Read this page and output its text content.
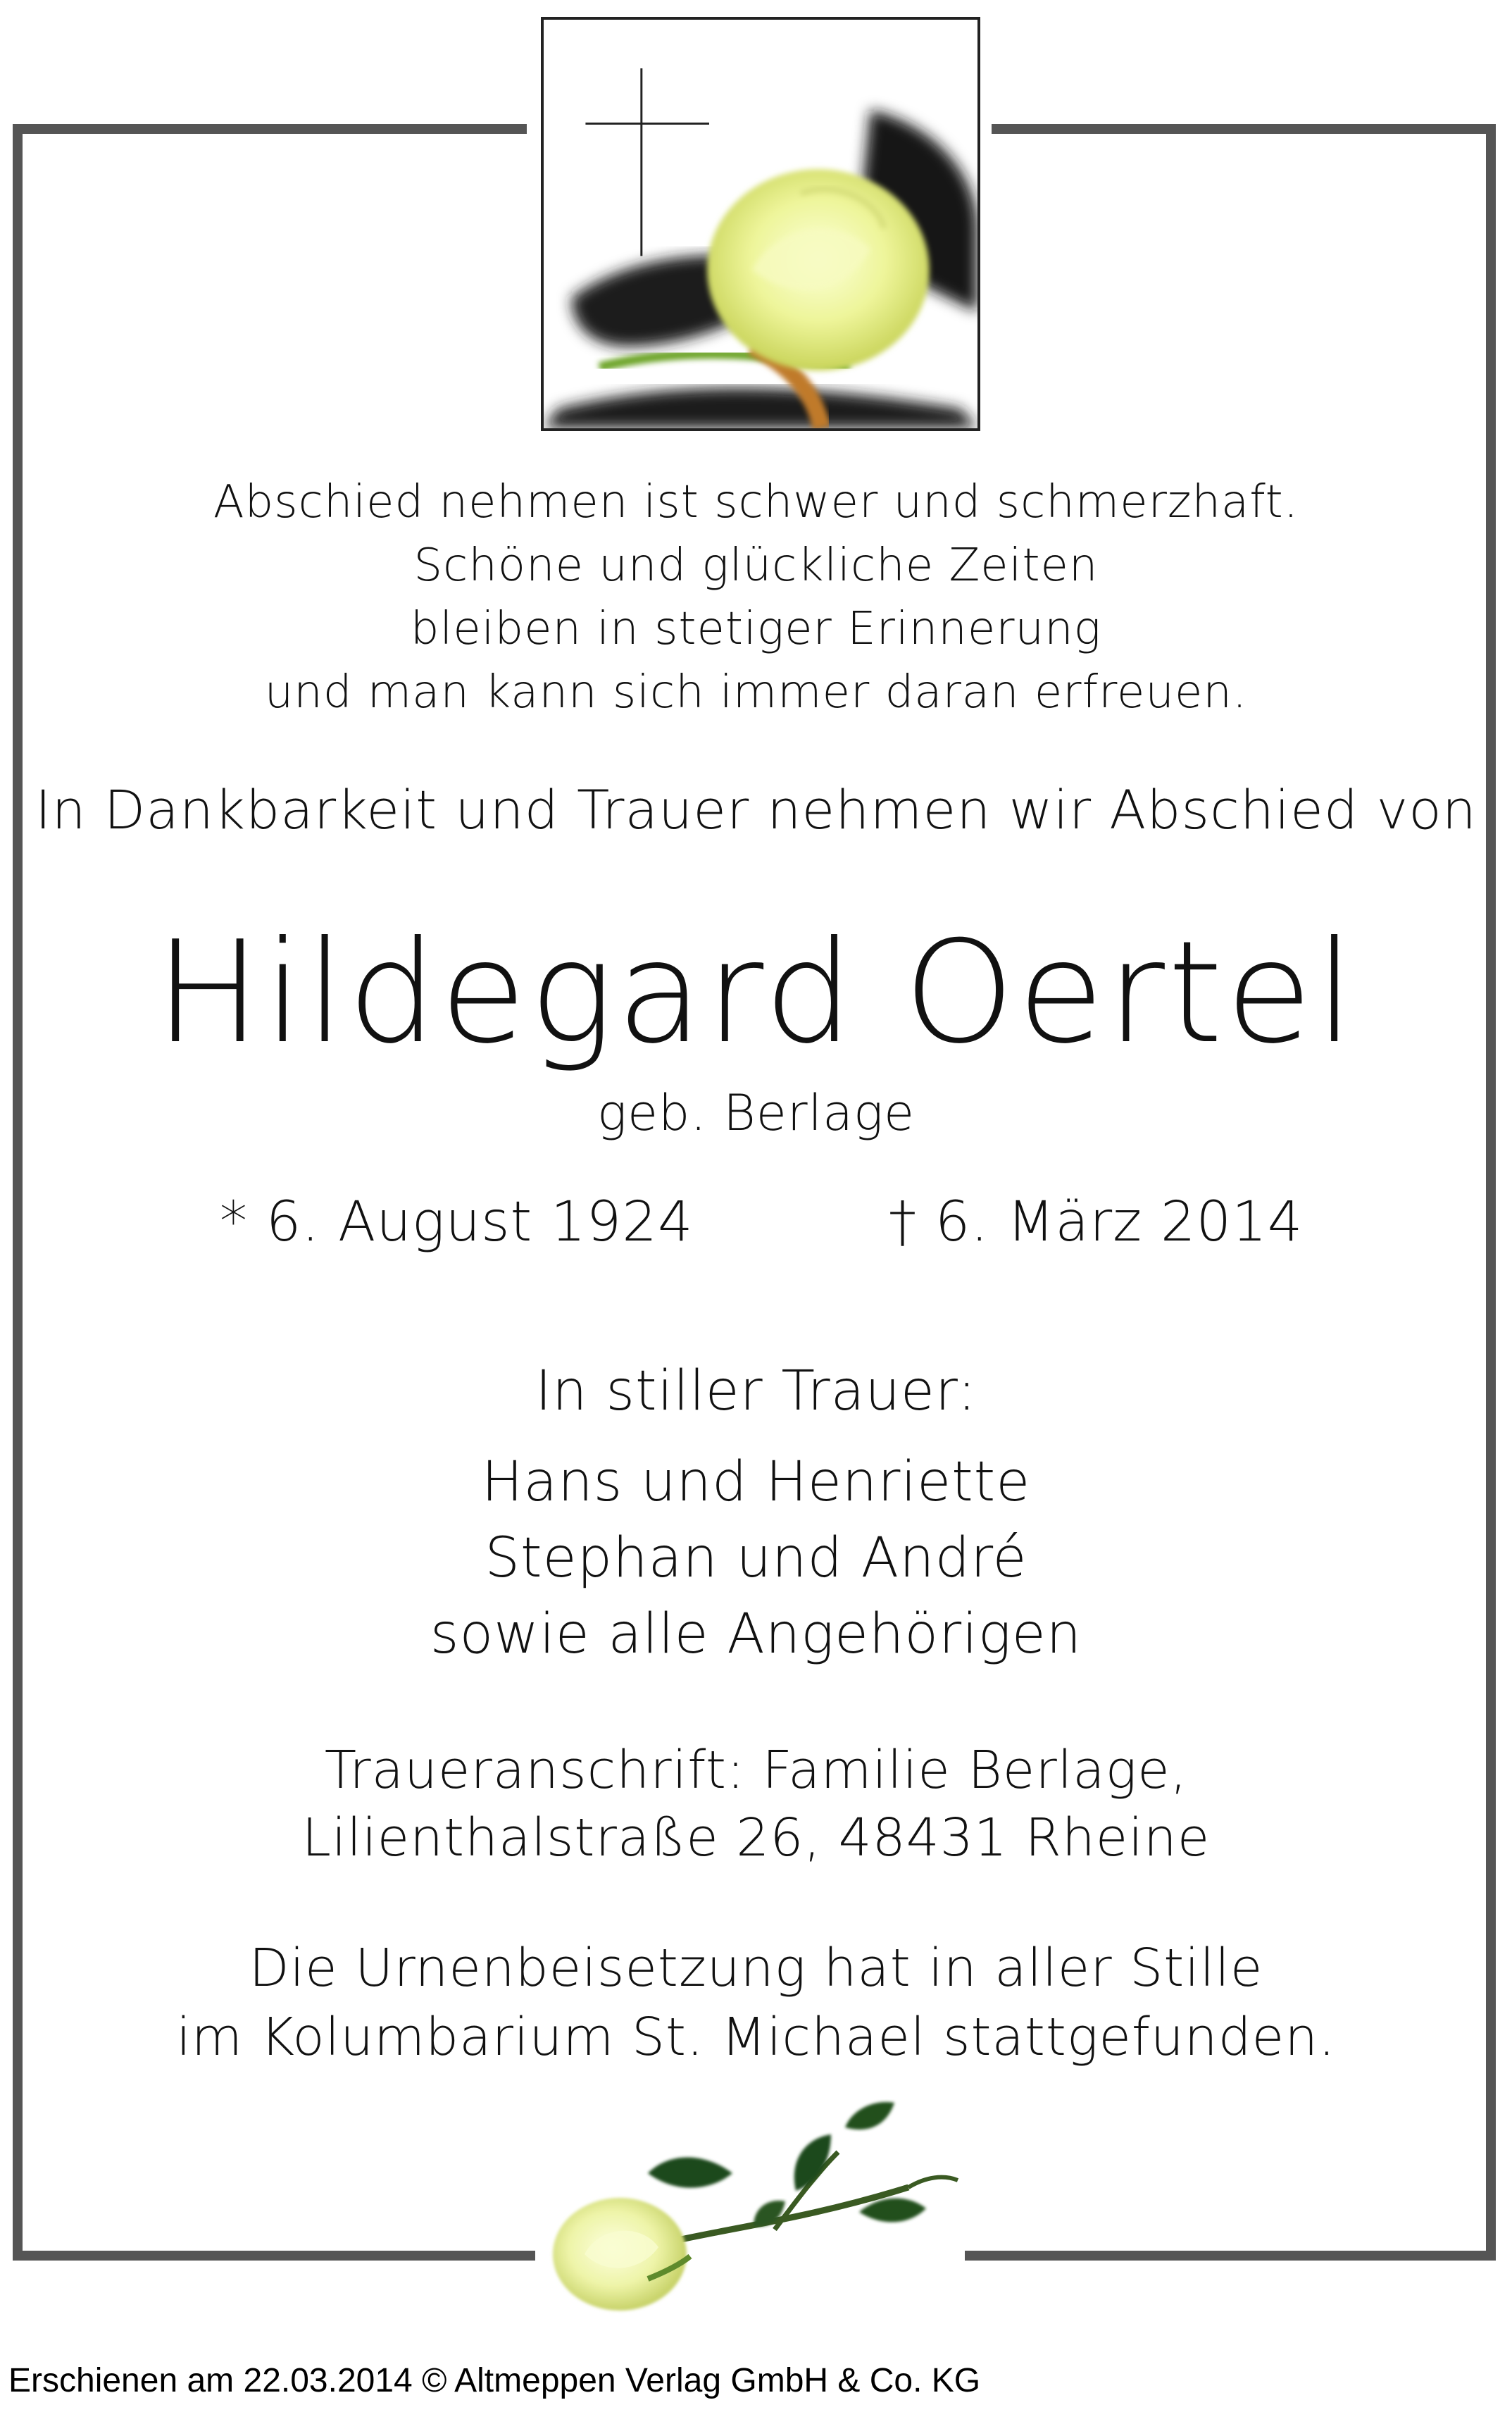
Abschied nehmen ist schwer und schmerzhaft.
Schöne und glückliche Zeiten
bleiben in stetiger Erinnerung
und man kann sich immer daran erfreuen.
In Dankbarkeit und Trauer nehmen wir Abschied von
Hildegard Oertel
geb. Berlage
* 6. August 1924	† 6. März 2014
In stiller Trauer:
Hans und Henriette
Stephan und André
sowie alle Angehörigen
Traueranschrift: Familie Berlage,
Lilienthalstraße 26, 48431 Rheine
Die Urnenbeisetzung hat in aller Stille
im Kolumbarium St. Michael stattgefunden.
Erschienen am 22.03.2014 © Altmeppen Verlag GmbH & Co. KG
